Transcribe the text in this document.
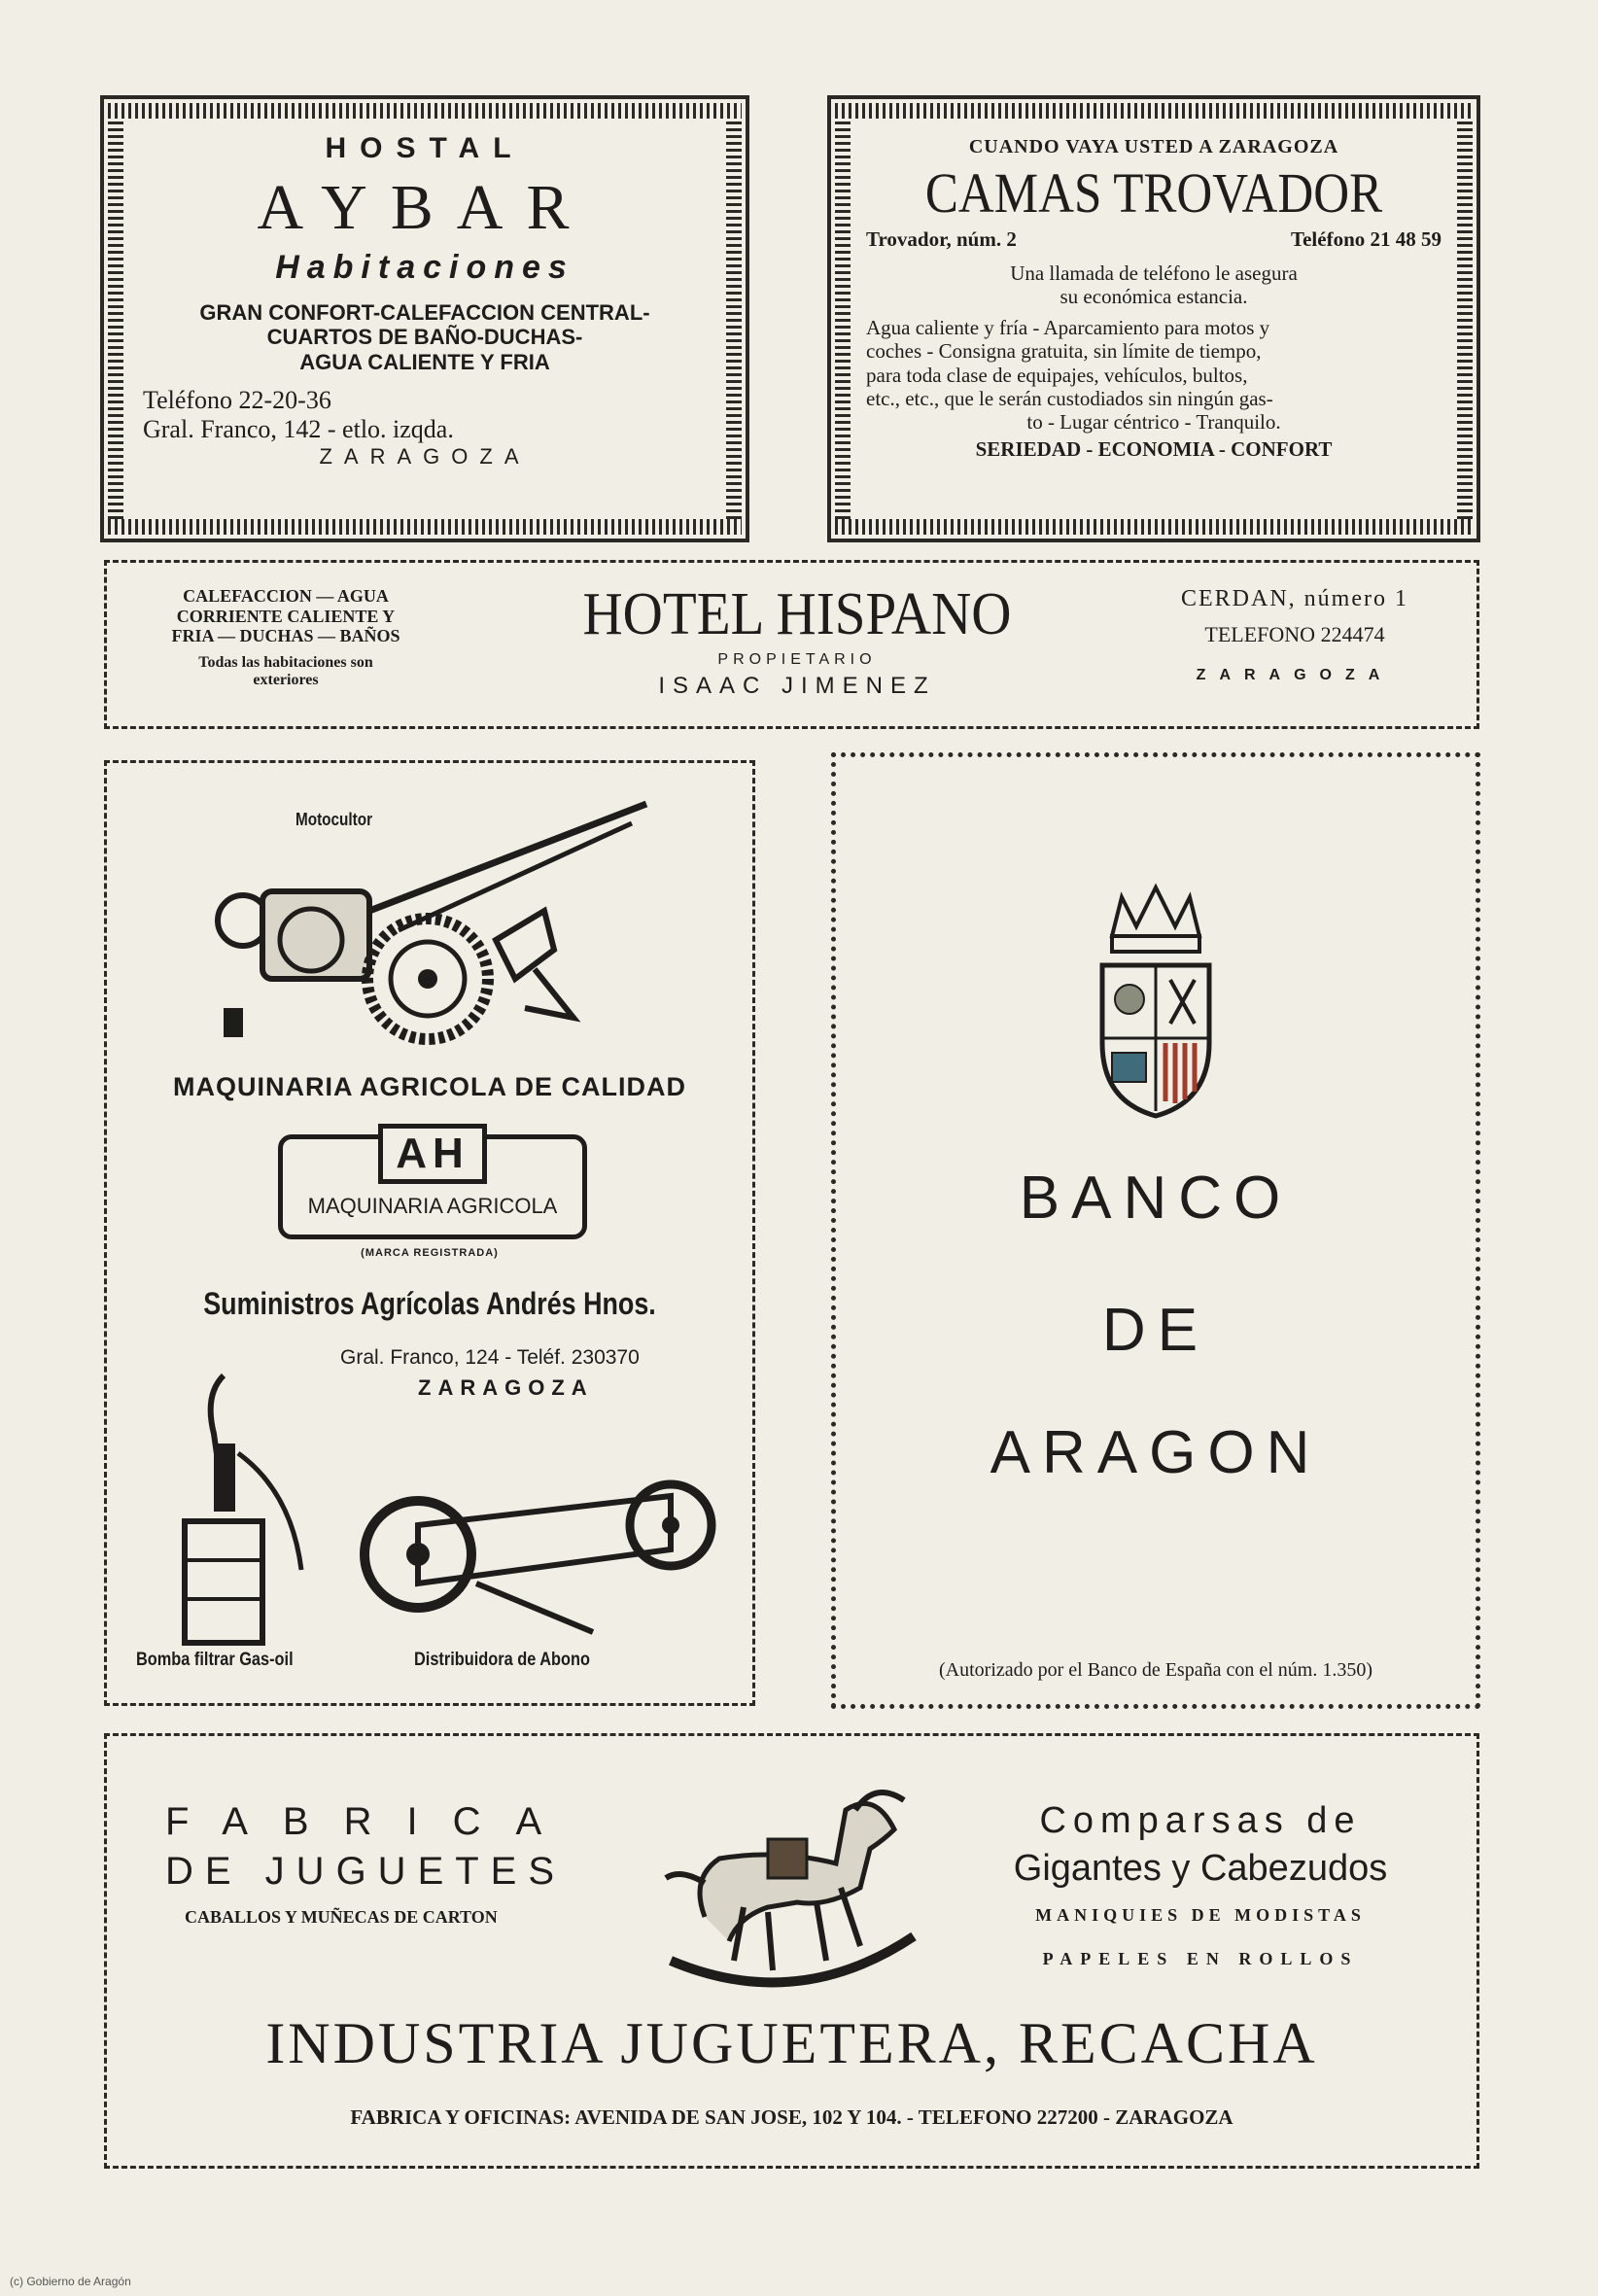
HOSTAL
AYBAR
Habitaciones
GRAN CONFORT-CALEFACCION CENTRAL-
CUARTOS DE BAÑO-DUCHAS-
AGUA CALIENTE Y FRIA
Teléfono 22-20-36
Gral. Franco, 142 - etlo. izqda.
ZARAGOZA
CUANDO VAYA USTED A ZARAGOZA
CAMAS TROVADOR
Trovador, núm. 2	Teléfono 21 48 59
Una llamada de teléfono le asegura
su económica estancia.
Agua caliente y fría - Aparcamiento para motos y
coches - Consigna gratuita, sin límite de tiempo,
para toda clase de equipajes, vehículos, bultos,
etc., etc., que le serán custodiados sin ningún gas-
to - Lugar céntrico - Tranquilo.
SERIEDAD - ECONOMIA - CONFORT
CALEFACCION — AGUA
CORRIENTE CALIENTE Y
FRIA — DUCHAS — BAÑOS
Todas las habitaciones son
exteriores
HOTEL HISPANO
PROPIETARIO
ISAAC JIMENEZ
CERDAN, número 1
TELEFONO 224474
ZARAGOZA
Motocultor
MAQUINARIA AGRICOLA DE CALIDAD
AH
MAQUINARIA AGRICOLA
(MARCA REGISTRADA)
Suministros Agrícolas Andrés Hnos.
Gral. Franco, 124 - Teléf. 230370
ZARAGOZA
Bomba filtrar Gas-oil	Distribuidora de Abono
BANCO
DE
ARAGON
(Autorizado por el Banco de España con el núm. 1.350)
FABRICA
DE JUGUETES
CABALLOS Y MUÑECAS DE CARTON
Comparsas de
Gigantes y Cabezudos
MANIQUIES DE MODISTAS
PAPELES EN ROLLOS
INDUSTRIA JUGUETERA, RECACHA
FABRICA Y OFICINAS: AVENIDA DE SAN JOSE, 102 Y 104. - TELEFONO 227200 - ZARAGOZA
(c) Gobierno de Aragón
